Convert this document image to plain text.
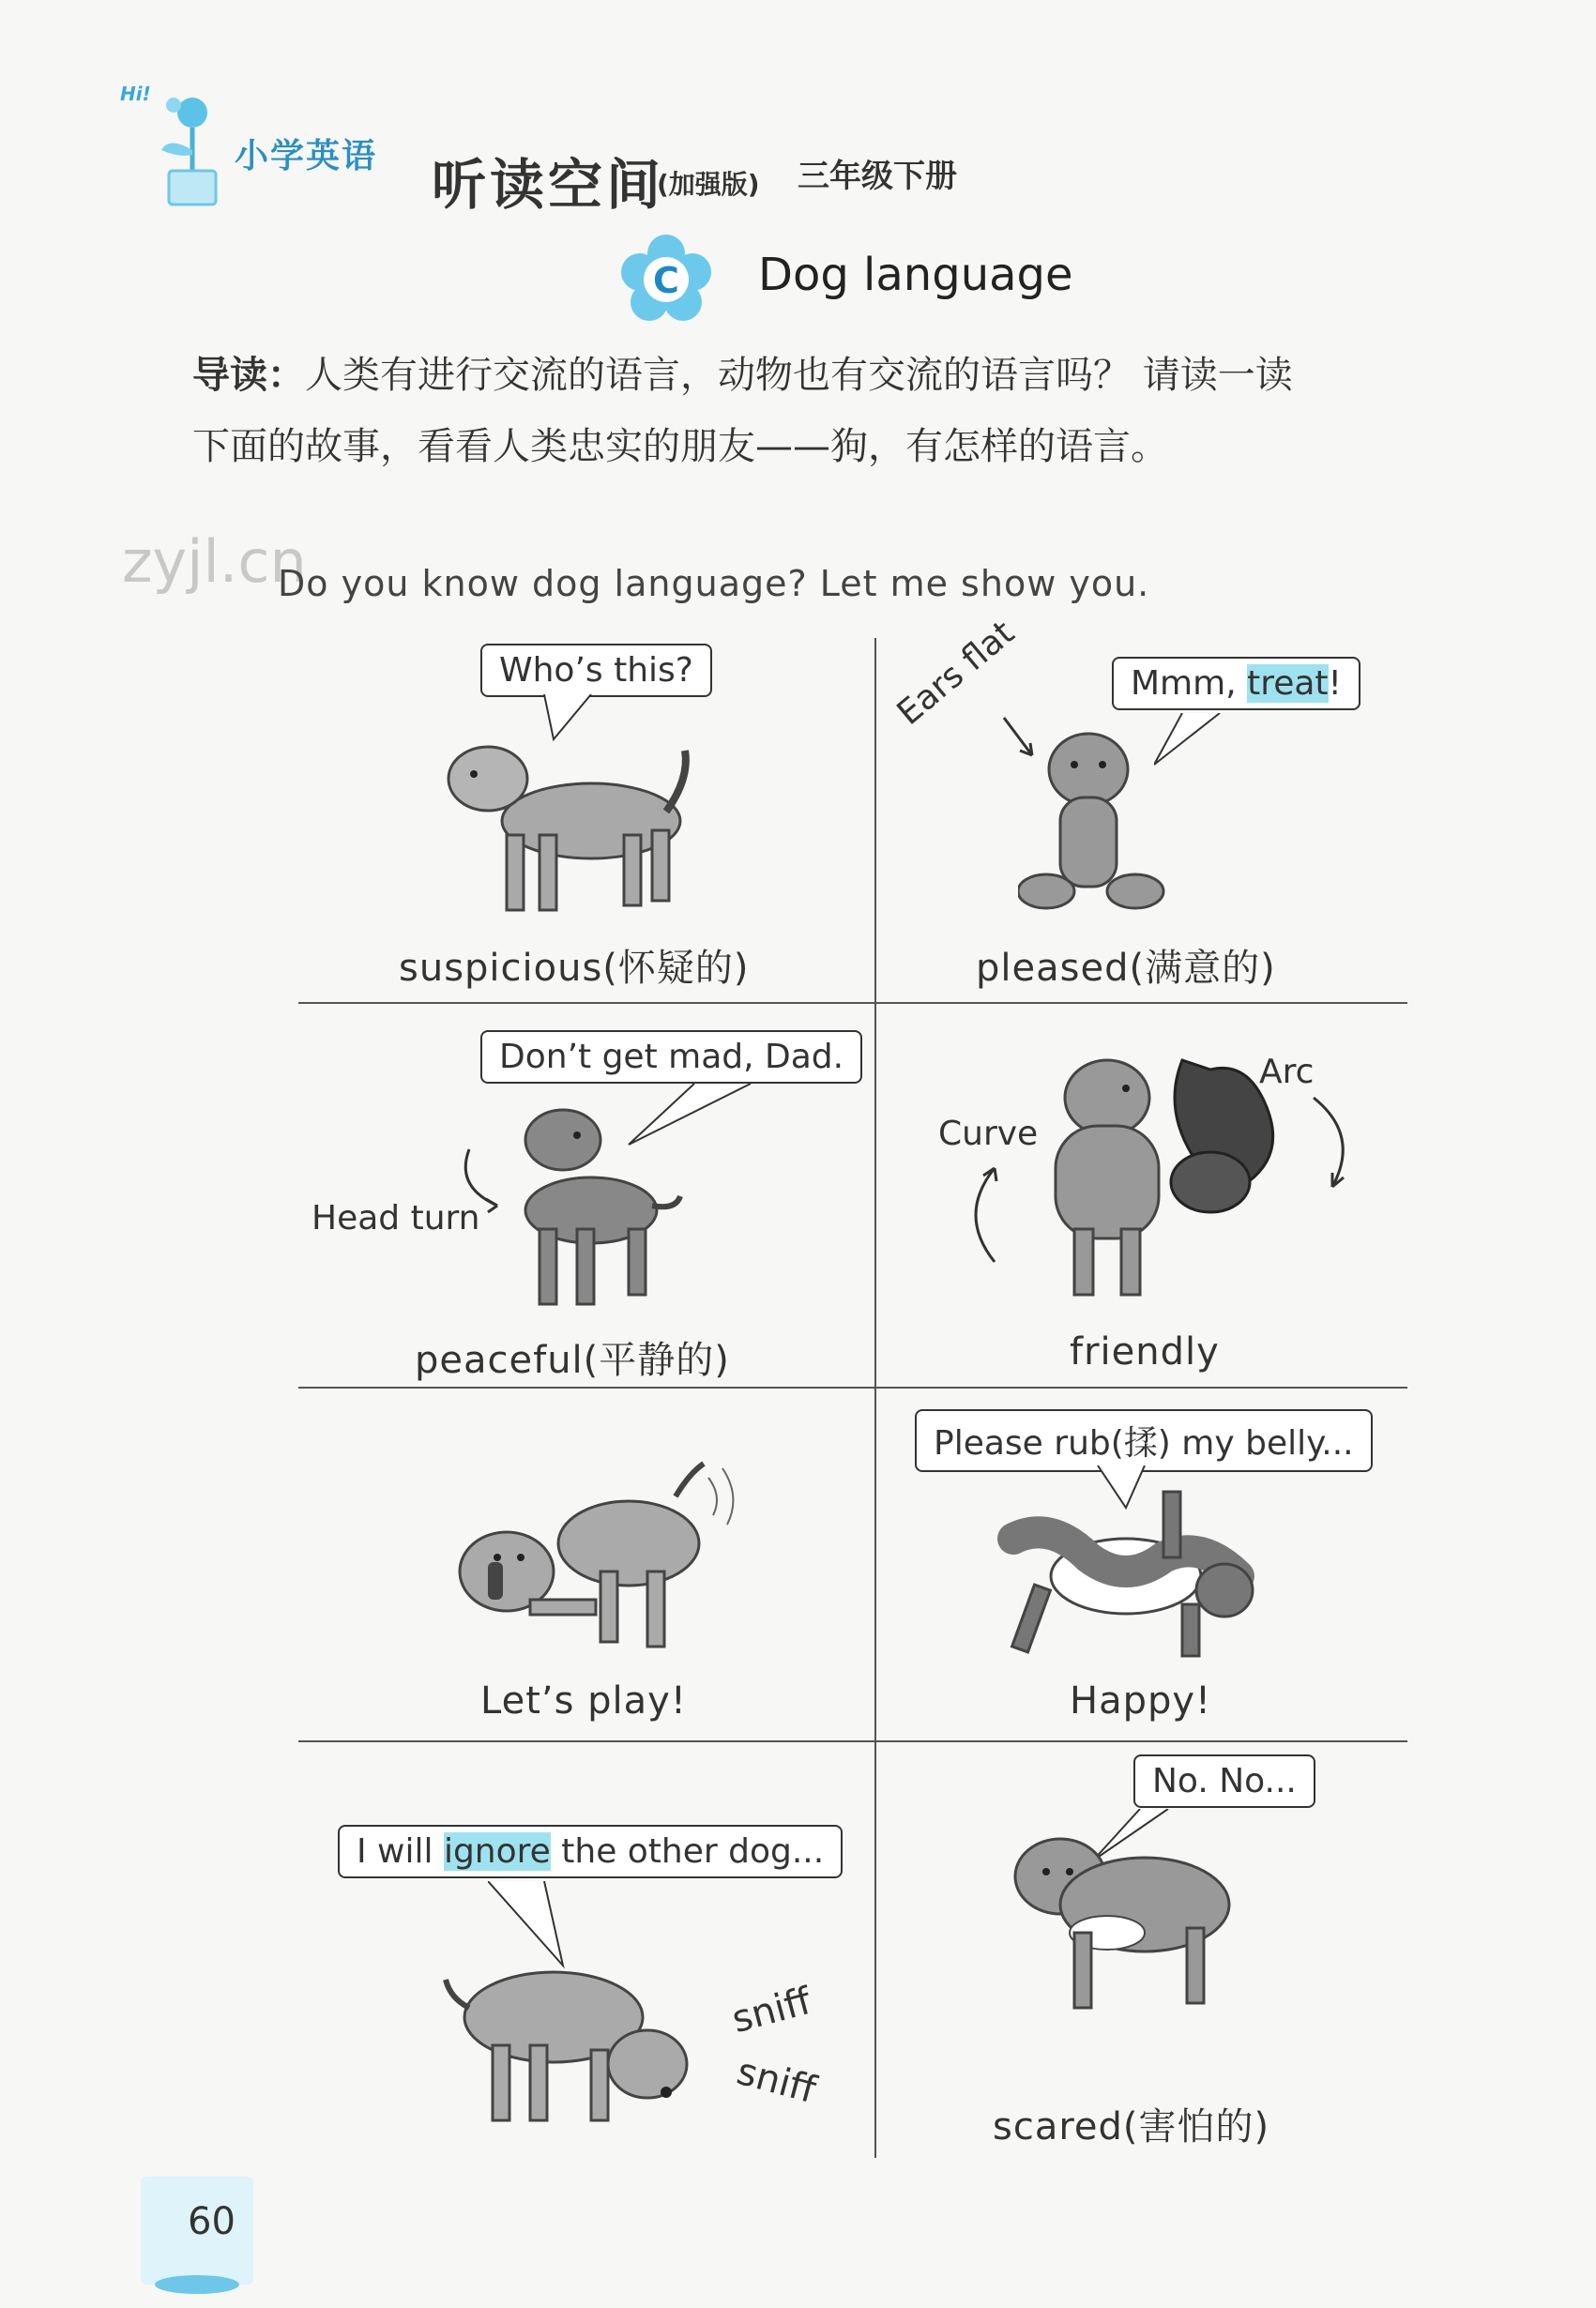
Hi!
小学英语 听读空间
(加强版) 三年级下册
C Dog language
导读：人类有进行交流的语言，动物也有交流的语言吗？ 请读一读
下面的故事，看看人类忠实的朋友——狗，有怎样的语言。
zyjl.cn
Do you know dog language? Let me show you.
Who’s this?
suspicious(怀疑的)
Mmm, treat!
Ears flat
pleased(满意的)
Don’t get mad, Dad.
Head turn
peaceful(平静的)
Curve
Arc
friendly
Let’s play!
Please rub(揉) my belly...
Happy!
I will ignore the other dog...
sniff
sniff
No. No...
scared(害怕的)
60
